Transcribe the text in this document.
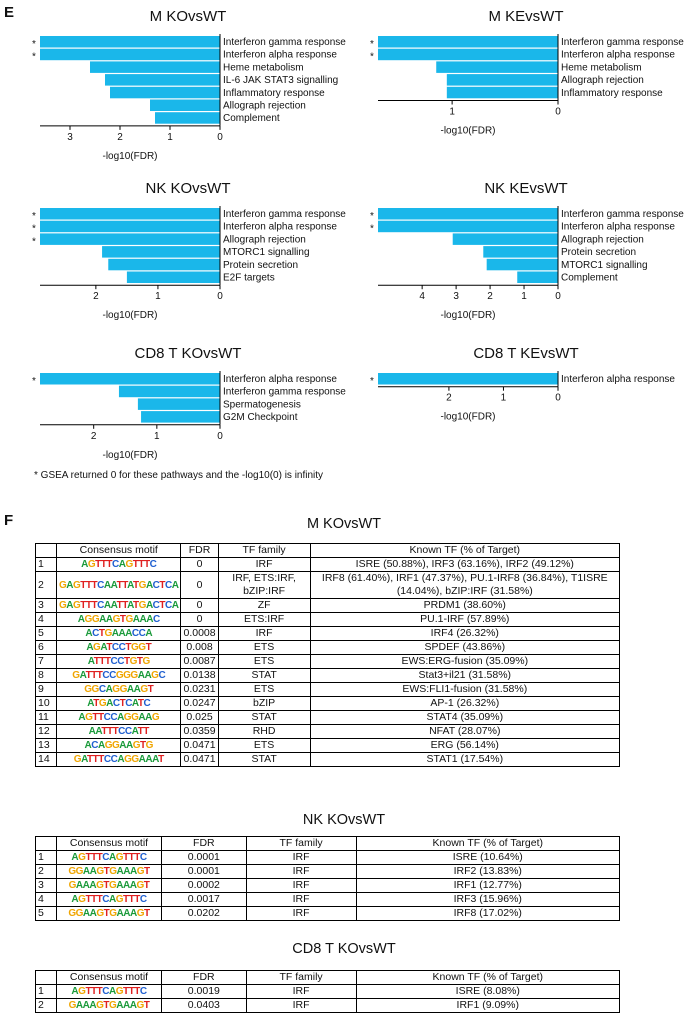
E
F
M KOvsWT
Interferon gamma response
*
Interferon alpha response
*
Heme metabolism
IL-6 JAK STAT3 signalling
Inflammatory response
Allograph rejection
Complement
0
1
2
3
-log10(FDR)
M KEvsWT
Interferon gamma response
*
Interferon alpha response
*
Heme metabolism
Allograph rejection
Inflammatory response
0
1
-log10(FDR)
NK KOvsWT
Interferon gamma response
*
Interferon alpha response
*
Allograph rejection
*
MTORC1 signalling
Protein secretion
E2F targets
0
1
2
-log10(FDR)
NK KEvsWT
Interferon gamma response
*
Interferon alpha response
*
Allograph rejection
Protein secretion
MTORC1 signalling
Complement
0
1
2
3
4
-log10(FDR)
CD8 T KOvsWT
Interferon alpha response
*
Interferon gamma response
Spermatogenesis
G2M Checkpoint
0
1
2
-log10(FDR)
CD8 T KEvsWT
Interferon alpha response
*
0
1
2
-log10(FDR)
* GSEA returned 0 for these pathways and the -log10(0) is infinity
M KOvsWT
	Consensus motif	FDR	TF family	Known TF (% of Target)
1	AGTTTCAGTTTC	0	IRF	ISRE (50.88%), IRF3 (63.16%), IRF2 (49.12%)
2	GAGTTTCAATTATGACTCA	0	IRF, ETS:IRF, bZIP:IRF	IRF8 (61.40%), IRF1 (47.37%), PU.1-IRF8 (36.84%), T1ISRE (14.04%), bZIP:IRF (31.58%)
3	GAGTTTCAATTATGACTCA	0	ZF	PRDM1 (38.60%)
4	AGGAAGTGAAAC	0	ETS:IRF	PU.1-IRF (57.89%)
5	ACTGAAACCA	0.0008	IRF	IRF4 (26.32%)
6	AGATCCTGGT	0.008	ETS	SPDEF (43.86%)
7	ATTTCCTGTG	0.0087	ETS	EWS:ERG-fusion (35.09%)
8	GATTTCCGGGAAGC	0.0138	STAT	Stat3+il21 (31.58%)
9	GGCAGGAAGT	0.0231	ETS	EWS:FLI1-fusion (31.58%)
10	ATGACTCATC	0.0247	bZIP	AP-1 (26.32%)
11	AGTTCCAGGAAG	0.025	STAT	STAT4 (35.09%)
12	AATTTCCATT	0.0359	RHD	NFAT (28.07%)
13	ACAGGAAGTG	0.0471	ETS	ERG (56.14%)
14	GATTTCCAGGAAAT	0.0471	STAT	STAT1 (17.54%)
NK KOvsWT
	Consensus motif	FDR	TF family	Known TF (% of Target)
1	AGTTTCAGTTTC	0.0001	IRF	ISRE (10.64%)
2	GGAAGTGAAAGT	0.0001	IRF	IRF2 (13.83%)
3	GAAAGTGAAAGT	0.0002	IRF	IRF1 (12.77%)
4	AGTTTCAGTTTC	0.0017	IRF	IRF3 (15.96%)
5	GGAAGTGAAAGT	0.0202	IRF	IRF8 (17.02%)
CD8 T KOvsWT
	Consensus motif	FDR	TF family	Known TF (% of Target)
1	AGTTTCAGTTTC	0.0019	IRF	ISRE (8.08%)
2	GAAAGTGAAAGT	0.0403	IRF	IRF1 (9.09%)
